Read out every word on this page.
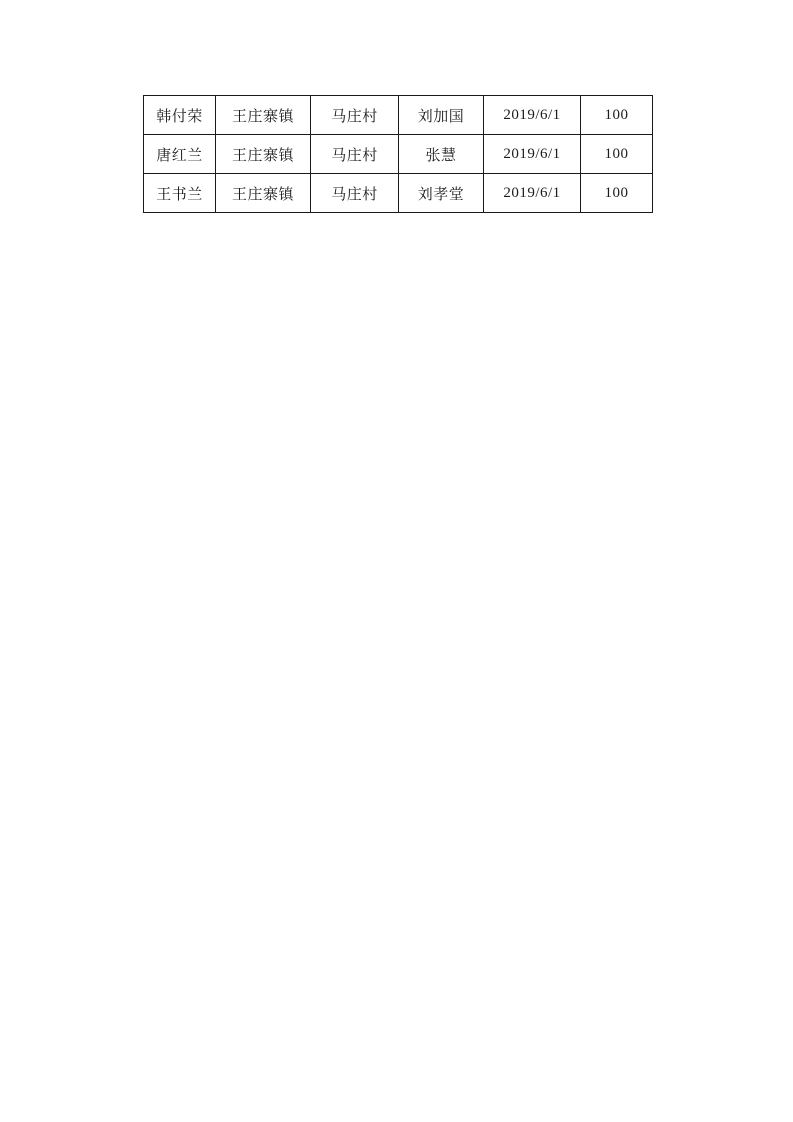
韩付荣	王庄寨镇	马庄村	刘加国	2019/6/1	100
唐红兰	王庄寨镇	马庄村	张慧	2019/6/1	100
王书兰	王庄寨镇	马庄村	刘孝堂	2019/6/1	100
